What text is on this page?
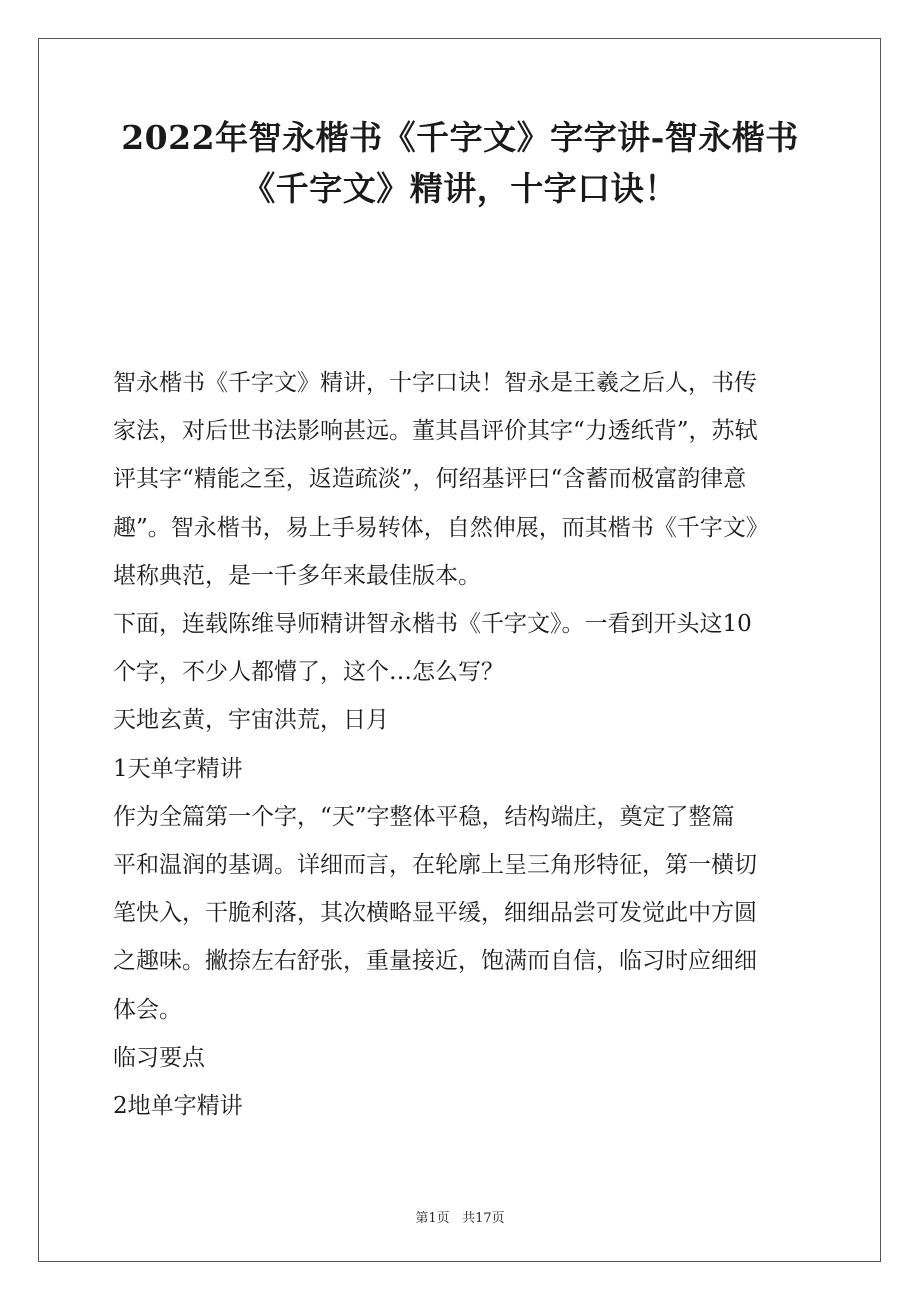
2022年智永楷书《千字文》字字讲-智永楷书

《千字文》精讲，十字口诀！

智永楷书《千字文》精讲，十字口诀！智永是王羲之后人，书传

家法，对后世书法影响甚远。董其昌评价其字“力透纸背”，苏轼

评其字“精能之至，返造疏淡”，何绍基评曰“含蓄而极富韵律意

趣”。智永楷书，易上手易转体，自然伸展，而其楷书《千字文》

堪称典范，是一千多年来最佳版本。

下面，连载陈维导师精讲智永楷书《千字文》。一看到开头这10

个字，不少人都懵了，这个…怎么写？

天地玄黄，宇宙洪荒，日月

1天单字精讲

作为全篇第一个字，“天”字整体平稳，结构端庄，奠定了整篇

平和温润的基调。详细而言，在轮廓上呈三角形特征，第一横切

笔快入，干脆利落，其次横略显平缓，细细品尝可发觉此中方圆

之趣味。撇捺左右舒张，重量接近，饱满而自信，临习时应细细

体会。

临习要点

2地单字精讲

第1页 共17页
